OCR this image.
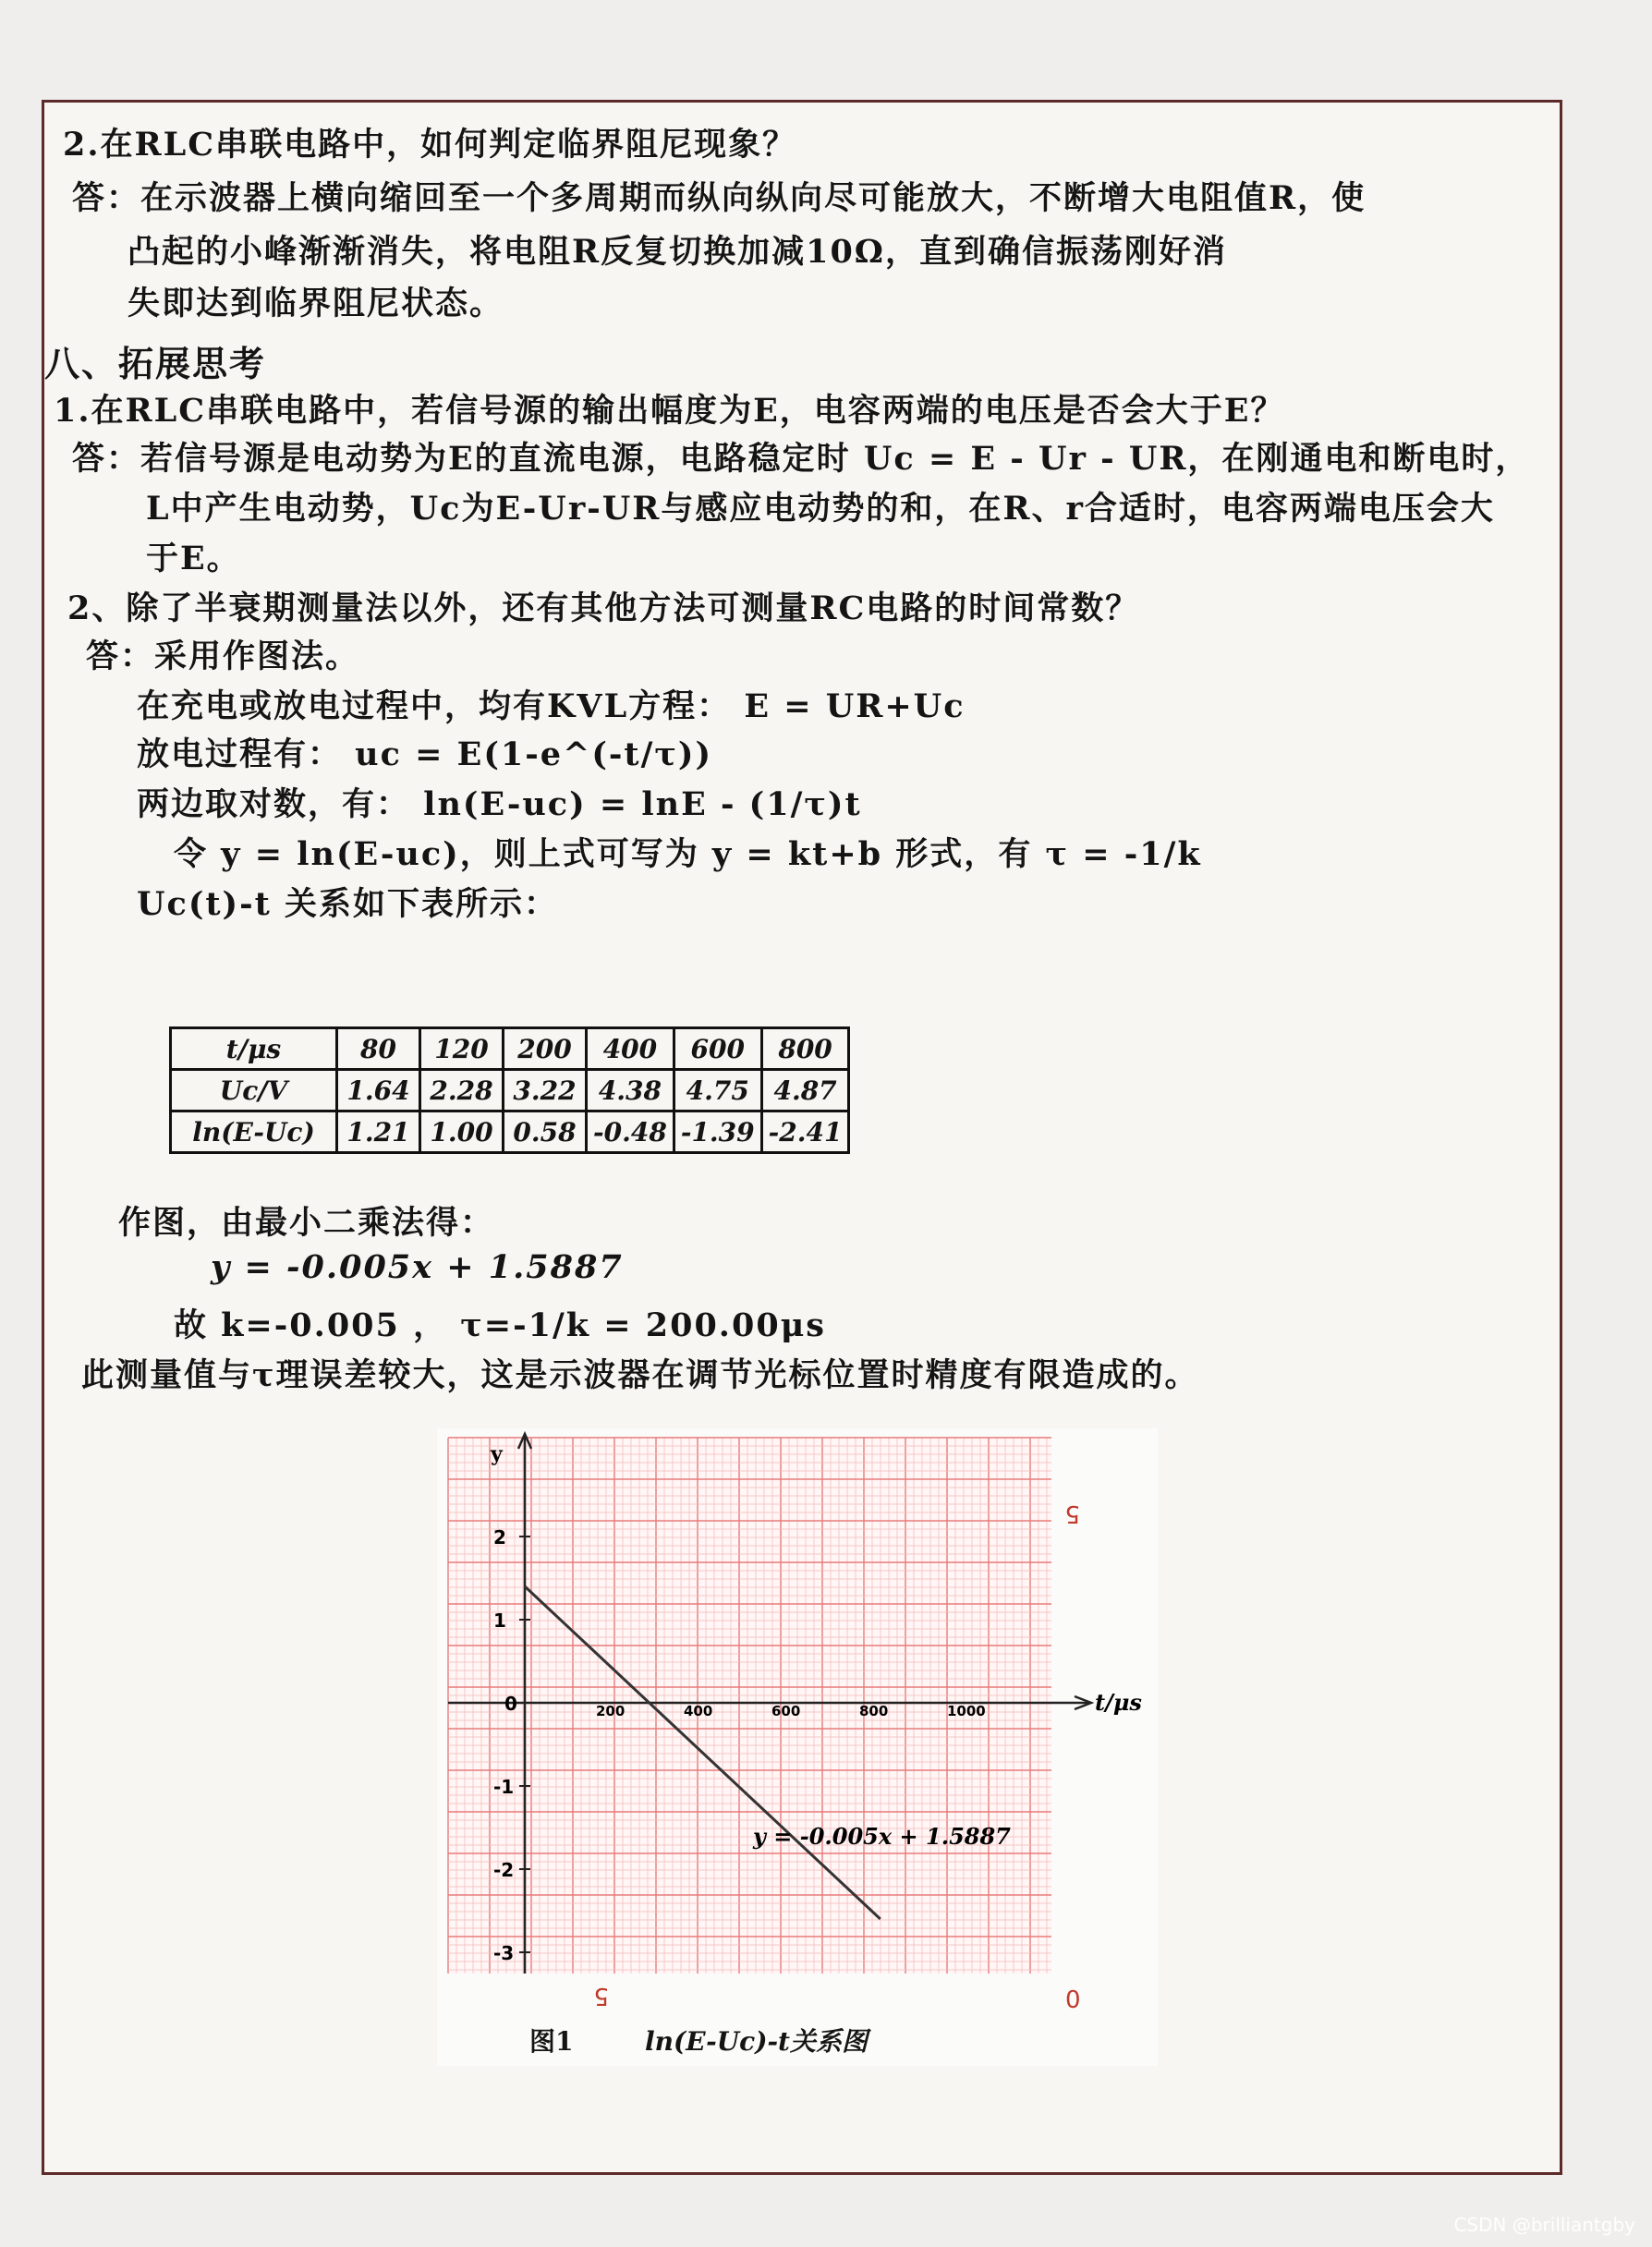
2.在RLC串联电路中，如何判定临界阻尼现象？
答：在示波器上横向缩回至一个多周期而纵向纵向尽可能放大，不断增大电阻值R，使
凸起的小峰渐渐消失，将电阻R反复切换加减10Ω，直到确信振荡刚好消
失即达到临界阻尼状态。
八、拓展思考
1.在RLC串联电路中，若信号源的输出幅度为E，电容两端的电压是否会大于E？
答：若信号源是电动势为E的直流电源，电路稳定时 Uc = E - Ur - UR，在刚通电和断电时，
L中产生电动势，Uc为E-Ur-UR与感应电动势的和，在R、r合适时，电容两端电压会大
于E。
2、除了半衰期测量法以外，还有其他方法可测量RC电路的时间常数？
答：采用作图法。
在充电或放电过程中，均有KVL方程： E = UR+Uc
放电过程有： uc = E(1-e^(-t/τ))
两边取对数，有： ln(E-uc) = lnE - (1/τ)t
令 y = ln(E-uc)，则上式可写为 y = kt+b 形式，有 τ = -1/k
Uc(t)-t 关系如下表所示：
t/μs	80	120	200	400	600	800
Uc/V	1.64	2.28	3.22	4.38	4.75	4.87
ln(E-Uc)	1.21	1.00	0.58	-0.48	-1.39	-2.41
作图，由最小二乘法得：
y = -0.005x + 1.5887
故 k=-0.005 ， τ=-1/k = 200.00μs
此测量值与τ理误差较大，这是示波器在调节光标位置时精度有限造成的。
t/μs
y
200	400	600	800	1000
0
2
1
-1
-2
-3
y = -0.005x + 1.5887
5
5	0
图1	ln(E-Uc)-t关系图
CSDN @brilliantgby
